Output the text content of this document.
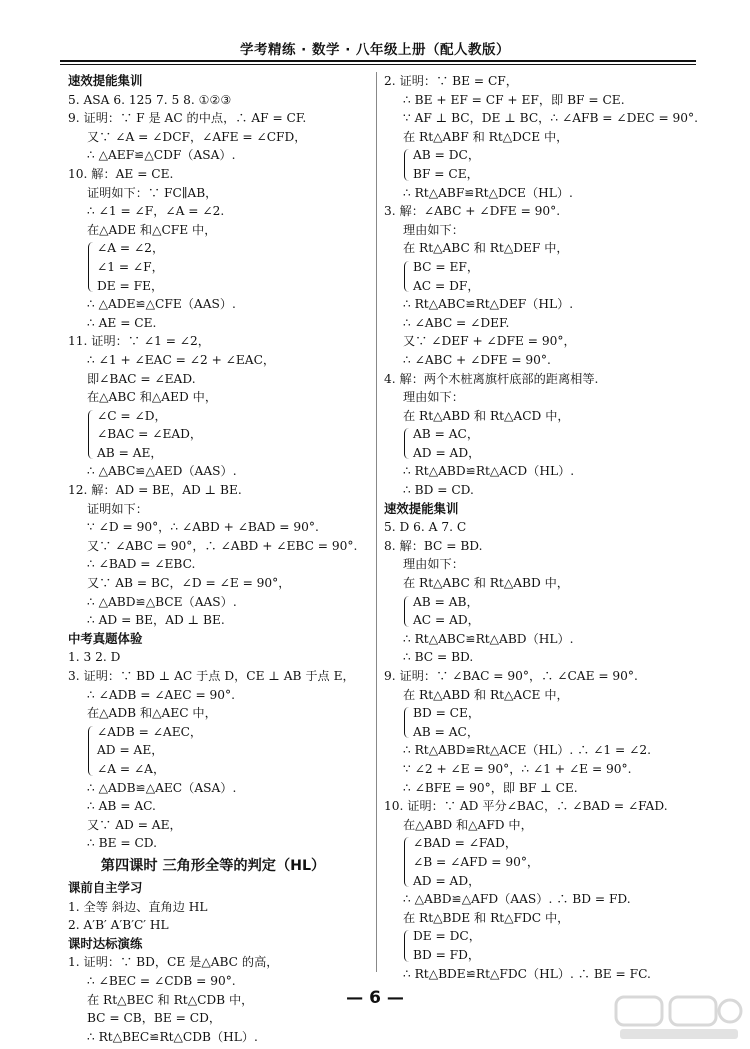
学考精练 · 数学 · 八年级上册（配人教版）
速效提能集训
5. ASA 6. 125 7. 5 8. ①②③
9. 证明：∵ F 是 AC 的中点，∴ AF = CF.
又∵ ∠A = ∠DCF，∠AFE = ∠CFD，
∴ △AEF≌△CDF（ASA）.
10. 解：AE = CE.
证明如下：∵ FC∥AB，
∴ ∠1 = ∠F，∠A = ∠2.
在△ADE 和△CFE 中，
∠A = ∠2，
∠1 = ∠F，
DE = FE，
∴ △ADE≌△CFE（AAS）.
∴ AE = CE.
11. 证明：∵ ∠1 = ∠2，
∴ ∠1 + ∠EAC = ∠2 + ∠EAC，
即∠BAC = ∠EAD.
在△ABC 和△AED 中，
∠C = ∠D，
∠BAC = ∠EAD，
AB = AE，
∴ △ABC≌△AED（AAS）.
12. 解：AD = BE，AD ⊥ BE.
证明如下：
∵ ∠D = 90°，∴ ∠ABD + ∠BAD = 90°.
又∵ ∠ABC = 90°，∴ ∠ABD + ∠EBC = 90°.
∴ ∠BAD = ∠EBC.
又∵ AB = BC，∠D = ∠E = 90°，
∴ △ABD≌△BCE（AAS）.
∴ AD = BE，AD ⊥ BE.
中考真题体验
1. 3 2. D
3. 证明：∵ BD ⊥ AC 于点 D，CE ⊥ AB 于点 E，
∴ ∠ADB = ∠AEC = 90°.
在△ADB 和△AEC 中，
∠ADB = ∠AEC，
AD = AE，
∠A = ∠A，
∴ △ADB≌△AEC（ASA）.
∴ AB = AC.
又∵ AD = AE，
∴ BE = CD.
第四课时 三角形全等的判定（HL）
课前自主学习
1. 全等 斜边、直角边 HL
2. A′B′ A′B′C′ HL
课时达标演练
1. 证明：∵ BD，CE 是△ABC 的高，
∴ ∠BEC = ∠CDB = 90°.
在 Rt△BEC 和 Rt△CDB 中，
BC = CB，BE = CD，
∴ Rt△BEC≌Rt△CDB（HL）.
2. 证明：∵ BE = CF，
∴ BE + EF = CF + EF，即 BF = CE.
∵ AF ⊥ BC，DE ⊥ BC，∴ ∠AFB = ∠DEC = 90°.
在 Rt△ABF 和 Rt△DCE 中，
AB = DC，
BF = CE，
∴ Rt△ABF≌Rt△DCE（HL）.
3. 解：∠ABC + ∠DFE = 90°.
理由如下：
在 Rt△ABC 和 Rt△DEF 中，
BC = EF，
AC = DF，
∴ Rt△ABC≌Rt△DEF（HL）.
∴ ∠ABC = ∠DEF.
又∵ ∠DEF + ∠DFE = 90°，
∴ ∠ABC + ∠DFE = 90°.
4. 解：两个木桩离旗杆底部的距离相等.
理由如下：
在 Rt△ABD 和 Rt△ACD 中，
AB = AC，
AD = AD，
∴ Rt△ABD≌Rt△ACD（HL）.
∴ BD = CD.
速效提能集训
5. D 6. A 7. C
8. 解：BC = BD.
理由如下：
在 Rt△ABC 和 Rt△ABD 中，
AB = AB，
AC = AD，
∴ Rt△ABC≌Rt△ABD（HL）.
∴ BC = BD.
9. 证明：∵ ∠BAC = 90°，∴ ∠CAE = 90°.
在 Rt△ABD 和 Rt△ACE 中，
BD = CE，
AB = AC，
∴ Rt△ABD≌Rt△ACE（HL）. ∴ ∠1 = ∠2.
∵ ∠2 + ∠E = 90°，∴ ∠1 + ∠E = 90°.
∴ ∠BFE = 90°，即 BF ⊥ CE.
10. 证明：∵ AD 平分∠BAC，∴ ∠BAD = ∠FAD.
在△ABD 和△AFD 中，
∠BAD = ∠FAD，
∠B = ∠AFD = 90°，
AD = AD，
∴ △ABD≌△AFD（AAS）. ∴ BD = FD.
在 Rt△BDE 和 Rt△FDC 中，
DE = DC，
BD = FD，
∴ Rt△BDE≌Rt△FDC（HL）. ∴ BE = FC.
— 6 —
